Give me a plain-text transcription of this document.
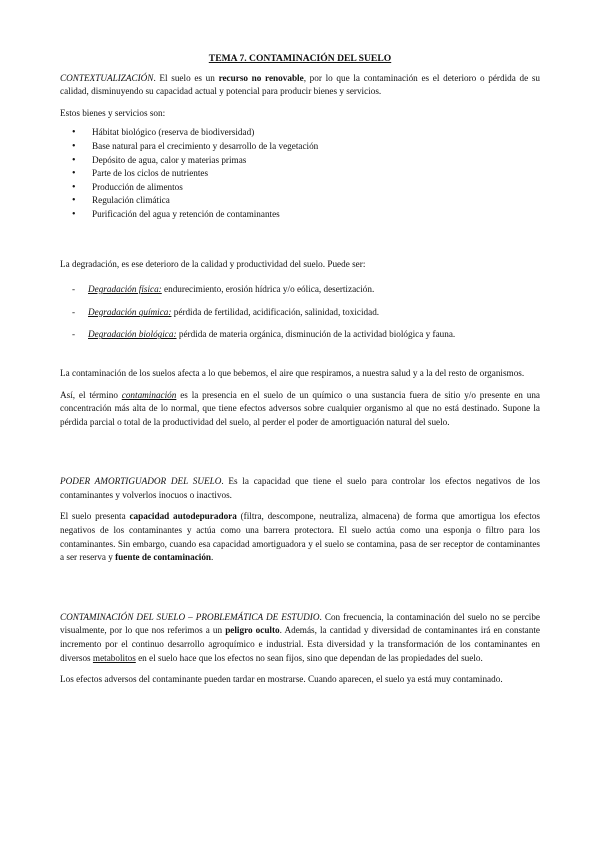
TEMA 7. CONTAMINACIÓN DEL SUELO

CONTEXTUALIZACIÓN. El suelo es un recurso no renovable, por lo que la contaminación es el deterioro o pérdida de su calidad, disminuyendo su capacidad actual y potencial para producir bienes y servicios.

Estos bienes y servicios son:

• Hábitat biológico (reserva de biodiversidad)
• Base natural para el crecimiento y desarrollo de la vegetación
• Depósito de agua, calor y materias primas
• Parte de los ciclos de nutrientes
• Producción de alimentos
• Regulación climática
• Purificación del agua y retención de contaminantes

La degradación, es ese deterioro de la calidad y productividad del suelo. Puede ser:

- Degradación física: endurecimiento, erosión hídrica y/o eólica, desertización.
- Degradación química: pérdida de fertilidad, acidificación, salinidad, toxicidad.
- Degradación biológica: pérdida de materia orgánica, disminución de la actividad biológica y fauna.

La contaminación de los suelos afecta a lo que bebemos, el aire que respiramos, a nuestra salud y a la del resto de organismos.

Así, el término contaminación es la presencia en el suelo de un químico o una sustancia fuera de sitio y/o presente en una concentración más alta de lo normal, que tiene efectos adversos sobre cualquier organismo al que no está destinado. Supone la pérdida parcial o total de la productividad del suelo, al perder el poder de amortiguación natural del suelo.

PODER AMORTIGUADOR DEL SUELO. Es la capacidad que tiene el suelo para controlar los efectos negativos de los contaminantes y volverlos inocuos o inactivos.

El suelo presenta capacidad autodepuradora (filtra, descompone, neutraliza, almacena) de forma que amortigua los efectos negativos de los contaminantes y actúa como una barrera protectora. El suelo actúa como una esponja o filtro para los contaminantes. Sin embargo, cuando esa capacidad amortiguadora y el suelo se contamina, pasa de ser receptor de contaminantes a ser reserva y fuente de contaminación.

CONTAMINACIÓN DEL SUELO – PROBLEMÁTICA DE ESTUDIO. Con frecuencia, la contaminación del suelo no se percibe visualmente, por lo que nos referimos a un peligro oculto. Además, la cantidad y diversidad de contaminantes irá en constante incremento por el continuo desarrollo agroquímico e industrial. Esta diversidad y la transformación de los contaminantes en diversos metabolitos en el suelo hace que los efectos no sean fijos, sino que dependan de las propiedades del suelo.

Los efectos adversos del contaminante pueden tardar en mostrarse. Cuando aparecen, el suelo ya está muy contaminado.
